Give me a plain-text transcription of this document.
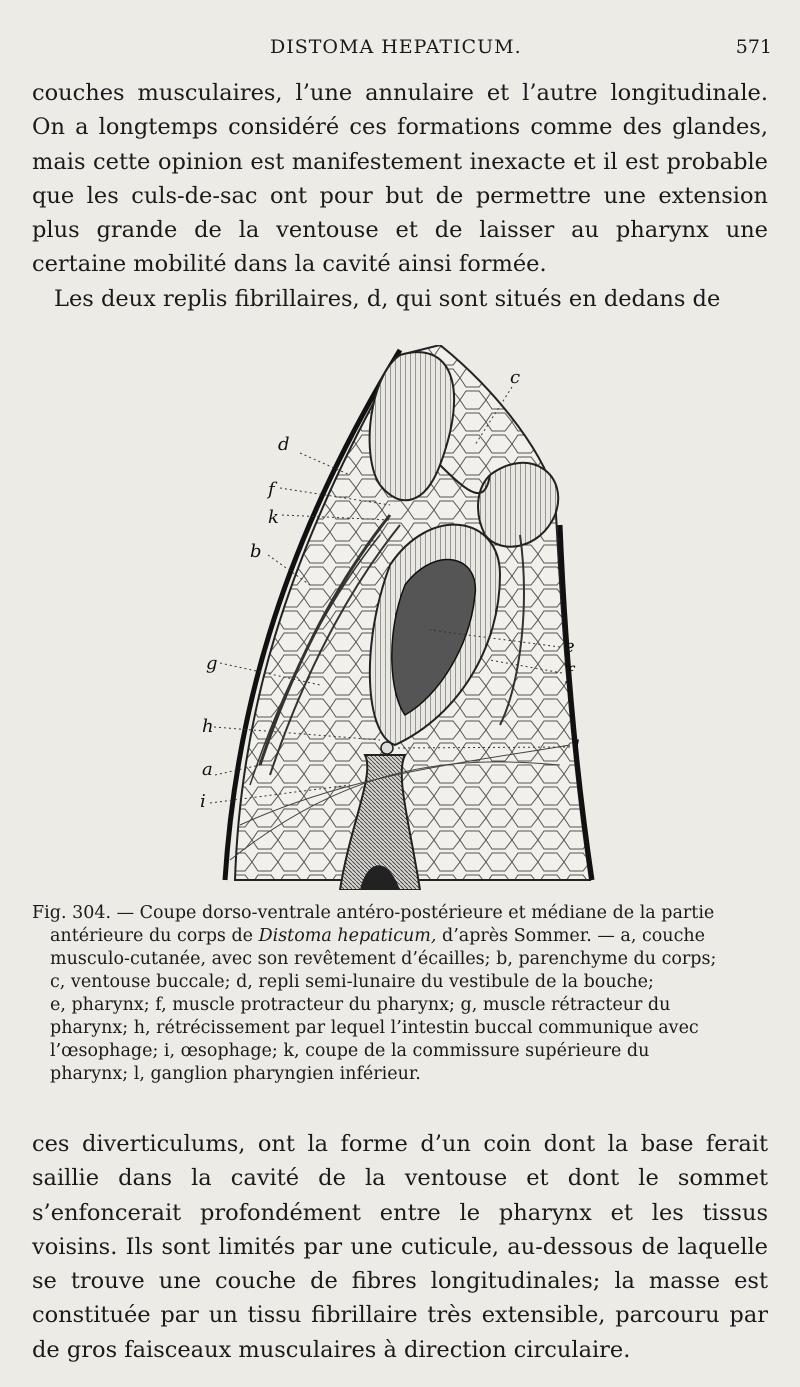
DISTOMA HEPATICUM.	571

couches musculaires, l’une annulaire et l’autre longitudinale. On a longtemps considéré ces formations comme des glandes, mais cette opinion est manifestement inexacte et il est probable que les culs-de-sac ont pour but de permettre une extension plus grande de la ventouse et de laisser au pharynx une certaine mobilité dans la cavité ainsi formée.

Les deux replis fibrillaires, d, qui sont situés en dedans de

c
d
f
k
b
g
h
a
i
e
f
l
Fig. 304. — Coupe dorso-ventrale antéro-postérieure et médiane de la partie
antérieure du corps de Distoma hepaticum, d’après Sommer. — a, couche
musculo-cutanée, avec son revêtement d’écailles; b, parenchyme du corps;
c, ventouse buccale; d, repli semi-lunaire du vestibule de la bouche;
e, pharynx; f, muscle protracteur du pharynx; g, muscle rétracteur du
pharynx; h, rétrécissement par lequel l’intestin buccal communique avec
l’œsophage; i, œsophage; k, coupe de la commissure supérieure du
pharynx; l, ganglion pharyngien inférieur.

ces diverticulums, ont la forme d’un coin dont la base ferait saillie dans la cavité de la ventouse et dont le sommet s’enfoncerait profondément entre le pharynx et les tissus voisins. Ils sont limités par une cuticule, au-dessous de laquelle se trouve une couche de fibres longitudinales; la masse est constituée par un tissu fibrillaire très extensible, parcouru par de gros faisceaux musculaires à direction circulaire.
